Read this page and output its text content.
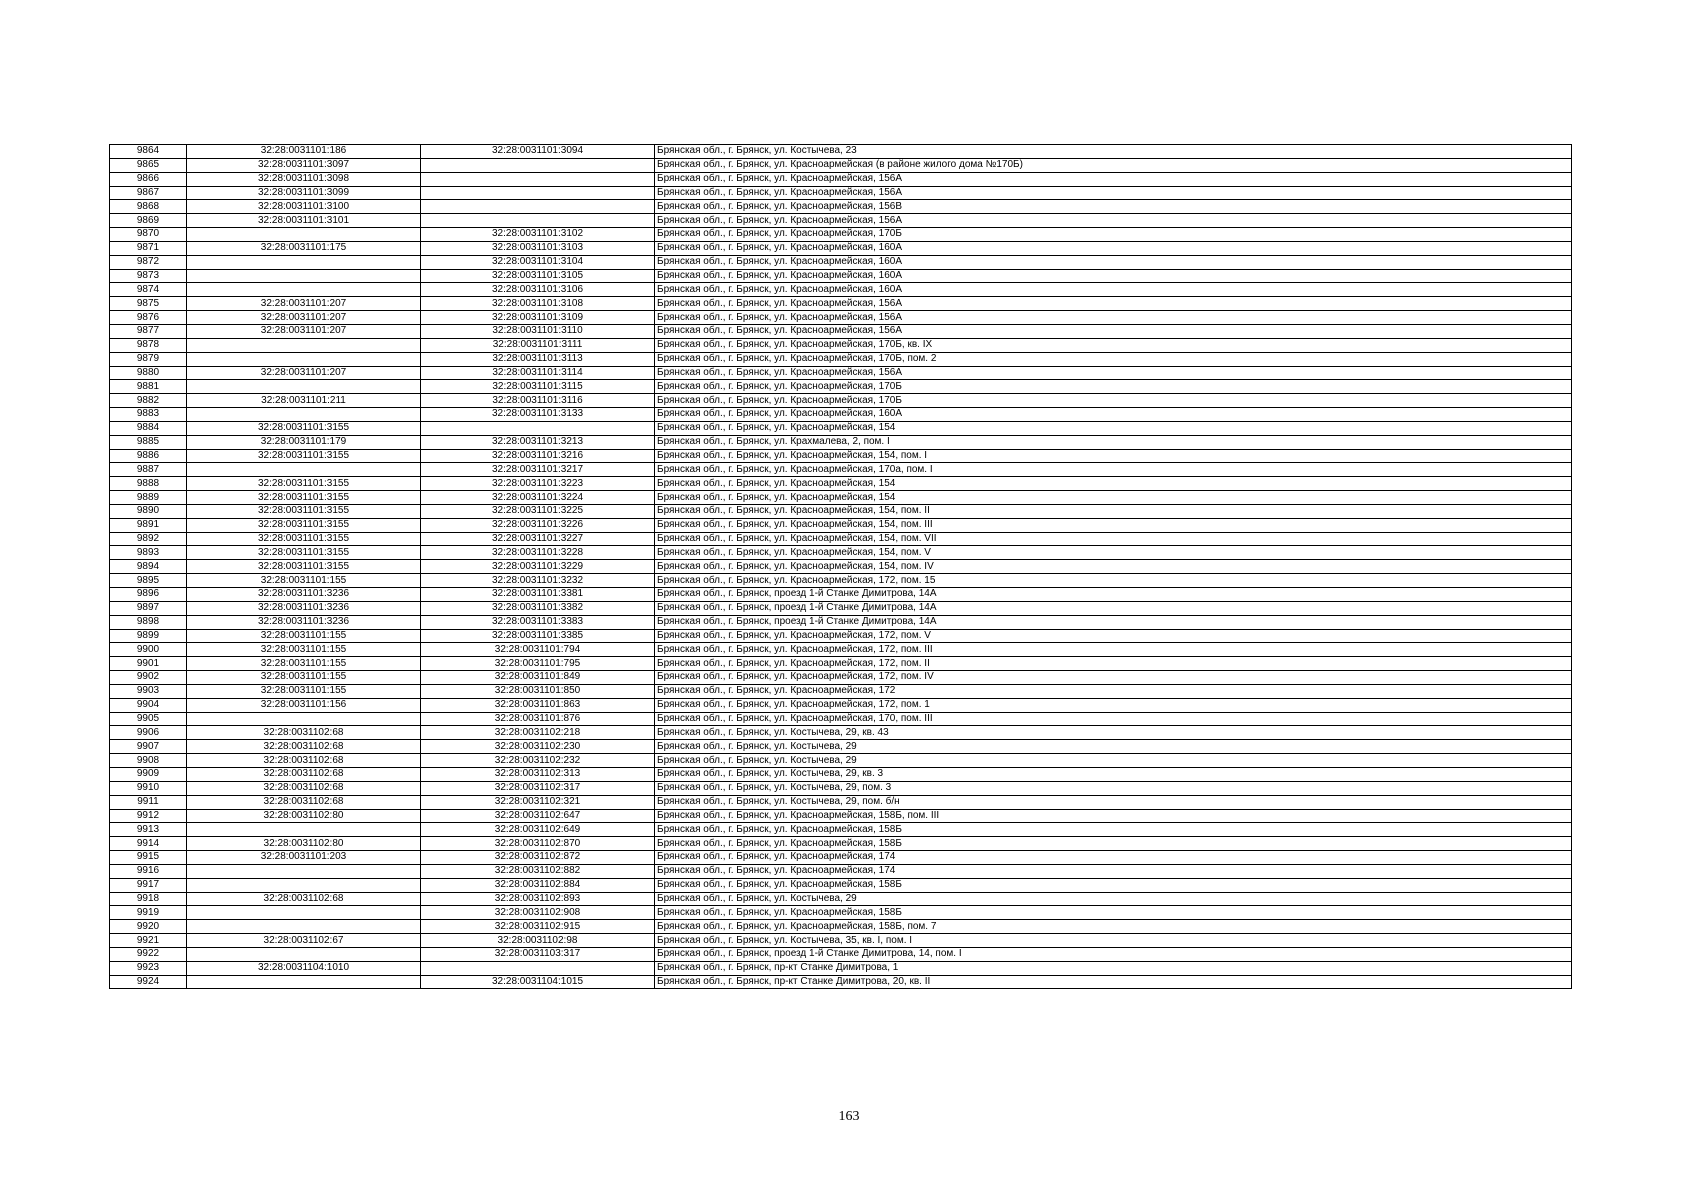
9864	32:28:0031101:186	32:28:0031101:3094	Брянская обл., г. Брянск, ул. Костычева, 23
9865	32:28:0031101:3097		Брянская обл., г. Брянск, ул. Красноармейская (в районе жилого дома №170Б)
9866	32:28:0031101:3098		Брянская обл., г. Брянск, ул. Красноармейская, 156А
9867	32:28:0031101:3099		Брянская обл., г. Брянск, ул. Красноармейская, 156А
9868	32:28:0031101:3100		Брянская обл., г. Брянск, ул. Красноармейская, 156В
9869	32:28:0031101:3101		Брянская обл., г. Брянск, ул. Красноармейская, 156А
9870		32:28:0031101:3102	Брянская обл., г. Брянск, ул. Красноармейская, 170Б
9871	32:28:0031101:175	32:28:0031101:3103	Брянская обл., г. Брянск, ул. Красноармейская, 160А
9872		32:28:0031101:3104	Брянская обл., г. Брянск, ул. Красноармейская, 160А
9873		32:28:0031101:3105	Брянская обл., г. Брянск, ул. Красноармейская, 160А
9874		32:28:0031101:3106	Брянская обл., г. Брянск, ул. Красноармейская, 160А
9875	32:28:0031101:207	32:28:0031101:3108	Брянская обл., г. Брянск, ул. Красноармейская, 156А
9876	32:28:0031101:207	32:28:0031101:3109	Брянская обл., г. Брянск, ул. Красноармейская, 156А
9877	32:28:0031101:207	32:28:0031101:3110	Брянская обл., г. Брянск, ул. Красноармейская, 156А
9878		32:28:0031101:3111	Брянская обл., г. Брянск, ул. Красноармейская, 170Б, кв. IX
9879		32:28:0031101:3113	Брянская обл., г. Брянск, ул. Красноармейская, 170Б, пом. 2
9880	32:28:0031101:207	32:28:0031101:3114	Брянская обл., г. Брянск, ул. Красноармейская, 156А
9881		32:28:0031101:3115	Брянская обл., г. Брянск, ул. Красноармейская, 170Б
9882	32:28:0031101:211	32:28:0031101:3116	Брянская обл., г. Брянск, ул. Красноармейская, 170Б
9883		32:28:0031101:3133	Брянская обл., г. Брянск, ул. Красноармейская, 160А
9884	32:28:0031101:3155		Брянская обл., г. Брянск, ул. Красноармейская, 154
9885	32:28:0031101:179	32:28:0031101:3213	Брянская обл., г. Брянск, ул. Крахмалева, 2, пом. I
9886	32:28:0031101:3155	32:28:0031101:3216	Брянская обл., г. Брянск, ул. Красноармейская, 154, пом. I
9887		32:28:0031101:3217	Брянская обл., г. Брянск, ул. Красноармейская, 170а, пом. I
9888	32:28:0031101:3155	32:28:0031101:3223	Брянская обл., г. Брянск, ул. Красноармейская, 154
9889	32:28:0031101:3155	32:28:0031101:3224	Брянская обл., г. Брянск, ул. Красноармейская, 154
9890	32:28:0031101:3155	32:28:0031101:3225	Брянская обл., г. Брянск, ул. Красноармейская, 154, пом. II
9891	32:28:0031101:3155	32:28:0031101:3226	Брянская обл., г. Брянск, ул. Красноармейская, 154, пом. III
9892	32:28:0031101:3155	32:28:0031101:3227	Брянская обл., г. Брянск, ул. Красноармейская, 154, пом. VII
9893	32:28:0031101:3155	32:28:0031101:3228	Брянская обл., г. Брянск, ул. Красноармейская, 154, пом. V
9894	32:28:0031101:3155	32:28:0031101:3229	Брянская обл., г. Брянск, ул. Красноармейская, 154, пом. IV
9895	32:28:0031101:155	32:28:0031101:3232	Брянская обл., г. Брянск, ул. Красноармейская, 172, пом. 15
9896	32:28:0031101:3236	32:28:0031101:3381	Брянская обл., г. Брянск, проезд 1-й Станке Димитрова, 14А
9897	32:28:0031101:3236	32:28:0031101:3382	Брянская обл., г. Брянск, проезд 1-й Станке Димитрова, 14А
9898	32:28:0031101:3236	32:28:0031101:3383	Брянская обл., г. Брянск, проезд 1-й Станке Димитрова, 14А
9899	32:28:0031101:155	32:28:0031101:3385	Брянская обл., г. Брянск, ул. Красноармейская, 172, пом. V
9900	32:28:0031101:155	32:28:0031101:794	Брянская обл., г. Брянск, ул. Красноармейская, 172, пом. III
9901	32:28:0031101:155	32:28:0031101:795	Брянская обл., г. Брянск, ул. Красноармейская, 172, пом. II
9902	32:28:0031101:155	32:28:0031101:849	Брянская обл., г. Брянск, ул. Красноармейская, 172, пом. IV
9903	32:28:0031101:155	32:28:0031101:850	Брянская обл., г. Брянск, ул. Красноармейская, 172
9904	32:28:0031101:156	32:28:0031101:863	Брянская обл., г. Брянск, ул. Красноармейская, 172, пом. 1
9905		32:28:0031101:876	Брянская обл., г. Брянск, ул. Красноармейская, 170, пом. III
9906	32:28:0031102:68	32:28:0031102:218	Брянская обл., г. Брянск, ул. Костычева, 29, кв. 43
9907	32:28:0031102:68	32:28:0031102:230	Брянская обл., г. Брянск, ул. Костычева, 29
9908	32:28:0031102:68	32:28:0031102:232	Брянская обл., г. Брянск, ул. Костычева, 29
9909	32:28:0031102:68	32:28:0031102:313	Брянская обл., г. Брянск, ул. Костычева, 29, кв. 3
9910	32:28:0031102:68	32:28:0031102:317	Брянская обл., г. Брянск, ул. Костычева, 29, пом. 3
9911	32:28:0031102:68	32:28:0031102:321	Брянская обл., г. Брянск, ул. Костычева, 29, пом. б/н
9912	32:28:0031102:80	32:28:0031102:647	Брянская обл., г. Брянск, ул. Красноармейская, 158Б, пом. III
9913		32:28:0031102:649	Брянская обл., г. Брянск, ул. Красноармейская, 158Б
9914	32:28:0031102:80	32:28:0031102:870	Брянская обл., г. Брянск, ул. Красноармейская, 158Б
9915	32:28:0031101:203	32:28:0031102:872	Брянская обл., г. Брянск, ул. Красноармейская, 174
9916		32:28:0031102:882	Брянская обл., г. Брянск, ул. Красноармейская, 174
9917		32:28:0031102:884	Брянская обл., г. Брянск, ул. Красноармейская, 158Б
9918	32:28:0031102:68	32:28:0031102:893	Брянская обл., г. Брянск, ул. Костычева, 29
9919		32:28:0031102:908	Брянская обл., г. Брянск, ул. Красноармейская, 158Б
9920		32:28:0031102:915	Брянская обл., г. Брянск, ул. Красноармейская, 158Б, пом. 7
9921	32:28:0031102:67	32:28:0031102:98	Брянская обл., г. Брянск, ул. Костычева, 35, кв. I, пом. I
9922		32:28:0031103:317	Брянская обл., г. Брянск, проезд 1-й Станке Димитрова, 14, пом. I
9923	32:28:0031104:1010		Брянская обл., г. Брянск, пр-кт Станке Димитрова, 1
9924		32:28:0031104:1015	Брянская обл., г. Брянск, пр-кт Станке Димитрова, 20, кв. II
163
